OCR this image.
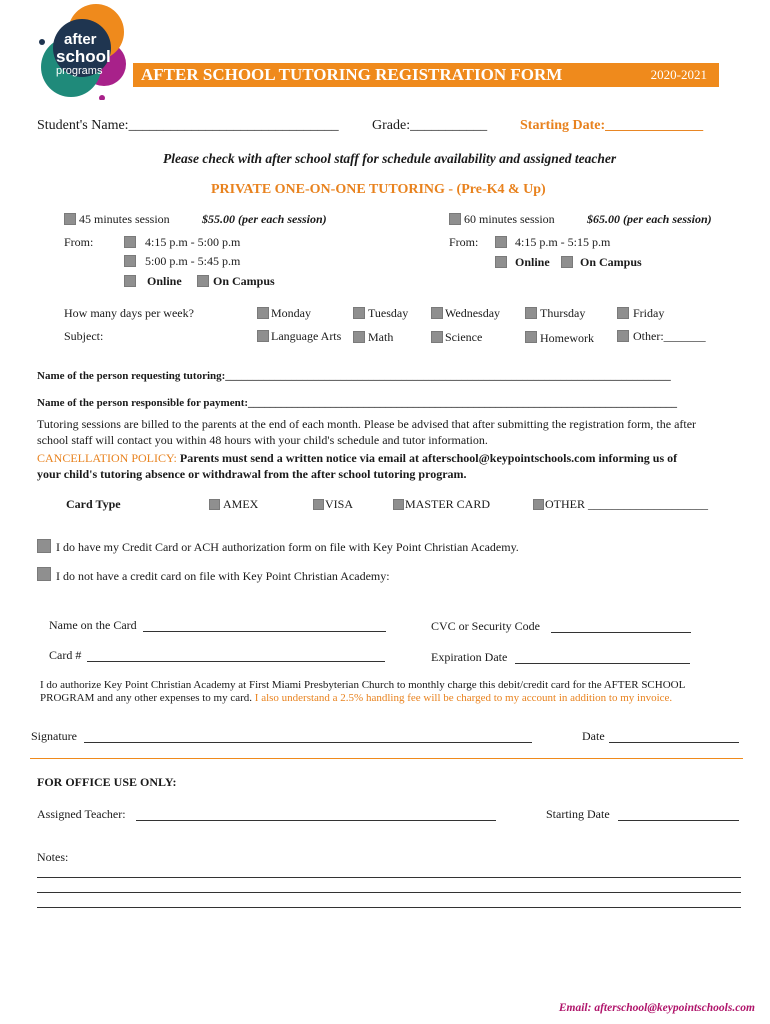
after
school
programs AFTER SCHOOL TUTORING REGISTRATION FORM	2020-2021
Student's Name:______________________________ Grade:___________ Starting Date:______________
Please check with after school staff for schedule availability and assigned teacher
PRIVATE ONE-ON-ONE TUTORING - (Pre-K4 & Up)
45 minutes session	$55.00 (per each session)
From:	4:15 p.m - 5:00 p.m
5:00 p.m - 5:45 p.m
Online	On Campus
60 minutes session	$65.00 (per each session)
From:	4:15 p.m - 5:15 p.m
Online	On Campus
How many days per week?	Monday	Tuesday	Wednesday	Thursday	Friday
Subject:	Language Arts Math	Science	Homework	Other:_______
Name of the person requesting tutoring:_________________________________________________________________________________
Name of the person responsible for payment:______________________________________________________________________________
Tutoring sessions are billed to the parents at the end of each month. Please be advised that after submitting the registration form, the after school staff will contact you within 48 hours with your child's schedule and tutor information.
CANCELLATION POLICY: Parents must send a written notice via email at afterschool@keypointschools.com informing us of
your child's tutoring absence or withdrawal from the after school tutoring program.
Card Type	AMEX	VISA	MASTER CARD	OTHER ____________________
I do have my Credit Card or ACH authorization form on file with Key Point Christian Academy.
I do not have a credit card on file with Key Point Christian Academy:
Name on the Card	CVC or Security Code
Card #	Expiration Date
I do authorize Key Point Christian Academy at First Miami Presbyterian Church to monthly charge this debit/credit card for the AFTER SCHOOL
PROGRAM and any other expenses to my card. I also understand a 2.5% handling fee will be charged to my account in addition to my invoice.
Signature	Date
FOR OFFICE USE ONLY:
Assigned Teacher:	Starting Date
Notes:
Email: afterschool@keypointschools.com
